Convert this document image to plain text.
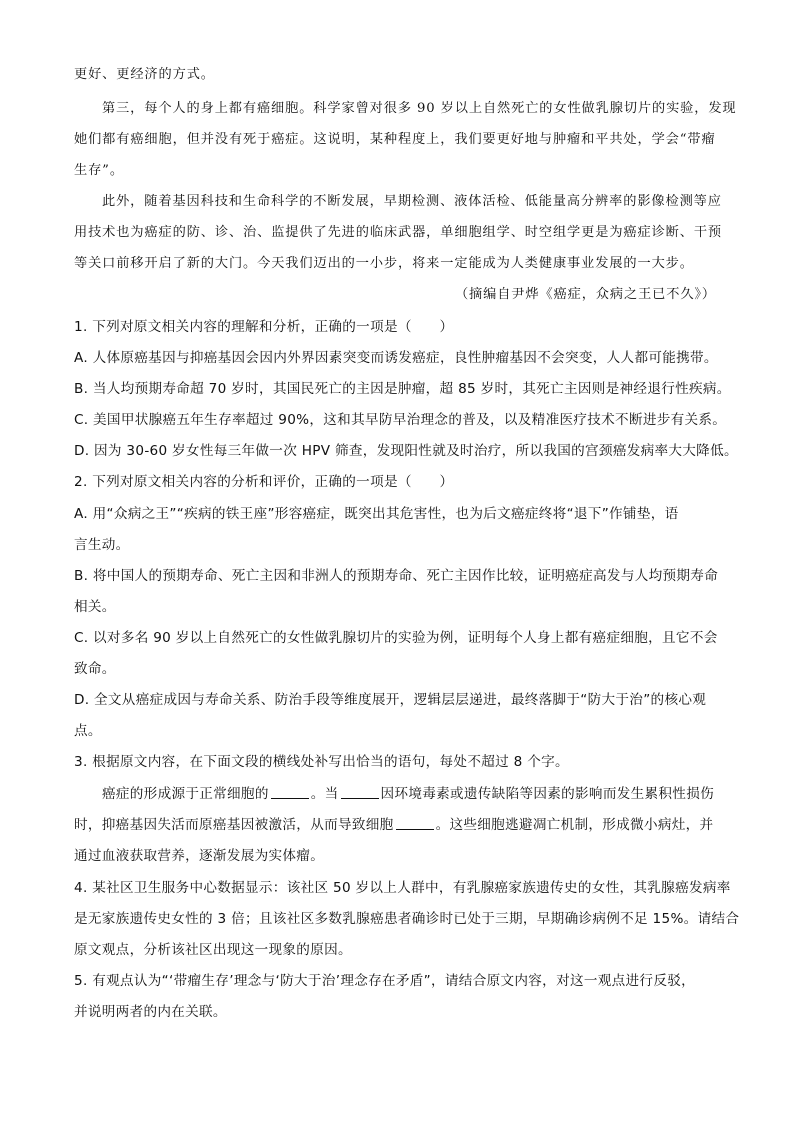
更好、更经济的方式。
第三，每个人的身上都有癌细胞。科学家曾对很多 90 岁以上自然死亡的女性做乳腺切片的实验，发现
她们都有癌细胞，但并没有死于癌症。这说明，某种程度上，我们要更好地与肿瘤和平共处，学会“带瘤
生存”。
此外，随着基因科技和生命科学的不断发展，早期检测、液体活检、低能量高分辨率的影像检测等应
用技术也为癌症的防、诊、治、监提供了先进的临床武器，单细胞组学、时空组学更是为癌症诊断、干预
等关口前移开启了新的大门。今天我们迈出的一小步，将来一定能成为人类健康事业发展的一大步。
（摘编自尹烨《癌症，众病之王已不久》）
1. 下列对原文相关内容的理解和分析，正确的一项是（　　）
A. 人体原癌基因与抑癌基因会因内外界因素突变而诱发癌症，良性肿瘤基因不会突变，人人都可能携带。
B. 当人均预期寿命超 70 岁时，其国民死亡的主因是肿瘤，超 85 岁时，其死亡主因则是神经退行性疾病。
C. 美国甲状腺癌五年生存率超过 90%，这和其早防早治理念的普及，以及精准医疗技术不断进步有关系。
D. 因为 30-60 岁女性每三年做一次 HPV 筛查，发现阳性就及时治疗，所以我国的宫颈癌发病率大大降低。
2. 下列对原文相关内容的分析和评价，正确的一项是（　　）
A. 用“众病之王”“疾病的铁王座”形容癌症，既突出其危害性，也为后文癌症终将“退下”作铺垫，语
言生动。
B. 将中国人的预期寿命、死亡主因和非洲人的预期寿命、死亡主因作比较，证明癌症高发与人均预期寿命
相关。
C. 以对多名 90 岁以上自然死亡的女性做乳腺切片的实验为例，证明每个人身上都有癌症细胞，且它不会
致命。
D. 全文从癌症成因与寿命关系、防治手段等维度展开，逻辑层层递进，最终落脚于“防大于治”的核心观
点。
3. 根据原文内容，在下面文段的横线处补写出恰当的语句，每处不超过 8 个字。
癌症的形成源于正常细胞的	。当	因环境毒素或遗传缺陷等因素的影响而发生累积性损伤
时，抑癌基因失活而原癌基因被激活，从而导致细胞	。这些细胞逃避凋亡机制，形成微小病灶，并
通过血液获取营养，逐渐发展为实体瘤。
4. 某社区卫生服务中心数据显示：该社区 50 岁以上人群中，有乳腺癌家族遗传史的女性，其乳腺癌发病率
是无家族遗传史女性的 3 倍；且该社区多数乳腺癌患者确诊时已处于三期，早期确诊病例不足 15%。请结合
原文观点，分析该社区出现这一现象的原因。
5. 有观点认为“‘带瘤生存’理念与‘防大于治’理念存在矛盾”，请结合原文内容，对这一观点进行反驳，
并说明两者的内在关联。
